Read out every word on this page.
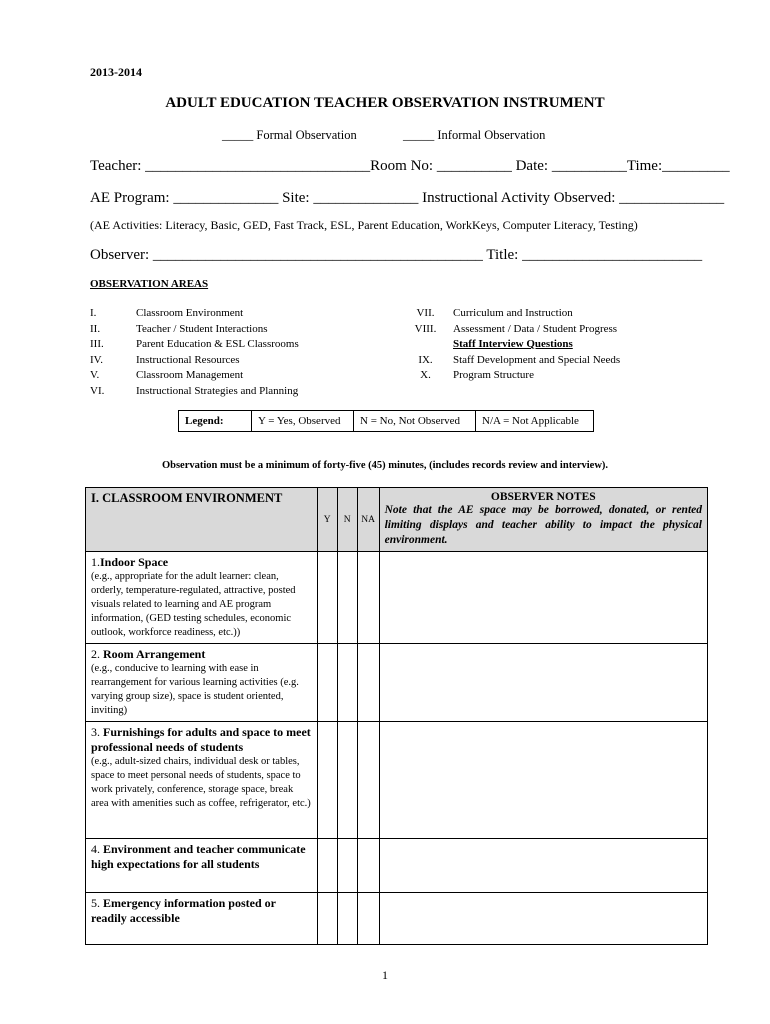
2013-2014
ADULT EDUCATION TEACHER OBSERVATION INSTRUMENT
_____ Formal Observation	_____ Informal Observation
Teacher: ______________________________Room No: __________ Date: __________Time:_________
AE Program: ______________ Site: ______________ Instructional Activity Observed: ______________
(AE Activities: Literacy, Basic, GED, Fast Track, ESL, Parent Education, WorkKeys, Computer Literacy, Testing)
Observer: ____________________________________________ Title: ________________________
OBSERVATION AREAS
I.	Classroom Environment
II.	Teacher / Student Interactions
III.	Parent Education & ESL Classrooms
IV.	Instructional Resources
V.	Classroom Management
VI.	Instructional Strategies and Planning
VII. Curriculum and Instruction
VIII. Assessment / Data / Student Progress
Staff Interview Questions
IX. Staff Development and Special Needs
X. Program Structure
Legend:	Y = Yes, Observed	N = No, Not Observed	N/A = Not Applicable
Observation must be a minimum of forty-five (45) minutes, (includes records review and interview).
I. CLASSROOM ENVIRONMENT	Y	N	NA	OBSERVER NOTES
Note that the AE space may be borrowed, donated, or rented limiting displays and teacher ability to impact the physical environment.

1.Indoor Space
(e.g., appropriate for the adult learner: clean, orderly, temperature-regulated, attractive, posted visuals related to learning and AE program information, (GED testing schedules, economic outlook, workforce readiness, etc.))				

2. Room Arrangement
(e.g., conducive to learning with ease in rearrangement for various learning activities (e.g. varying group size), space is student oriented, inviting)				

3. Furnishings for adults and space to meet professional needs of students
(e.g., adult-sized chairs, individual desk or tables, space to meet personal needs of students, space to work privately, conference, storage space, break area with amenities such as coffee, refrigerator, etc.)				

4. Environment and teacher communicate high expectations for all students				

5. Emergency information posted or readily accessible				

1
